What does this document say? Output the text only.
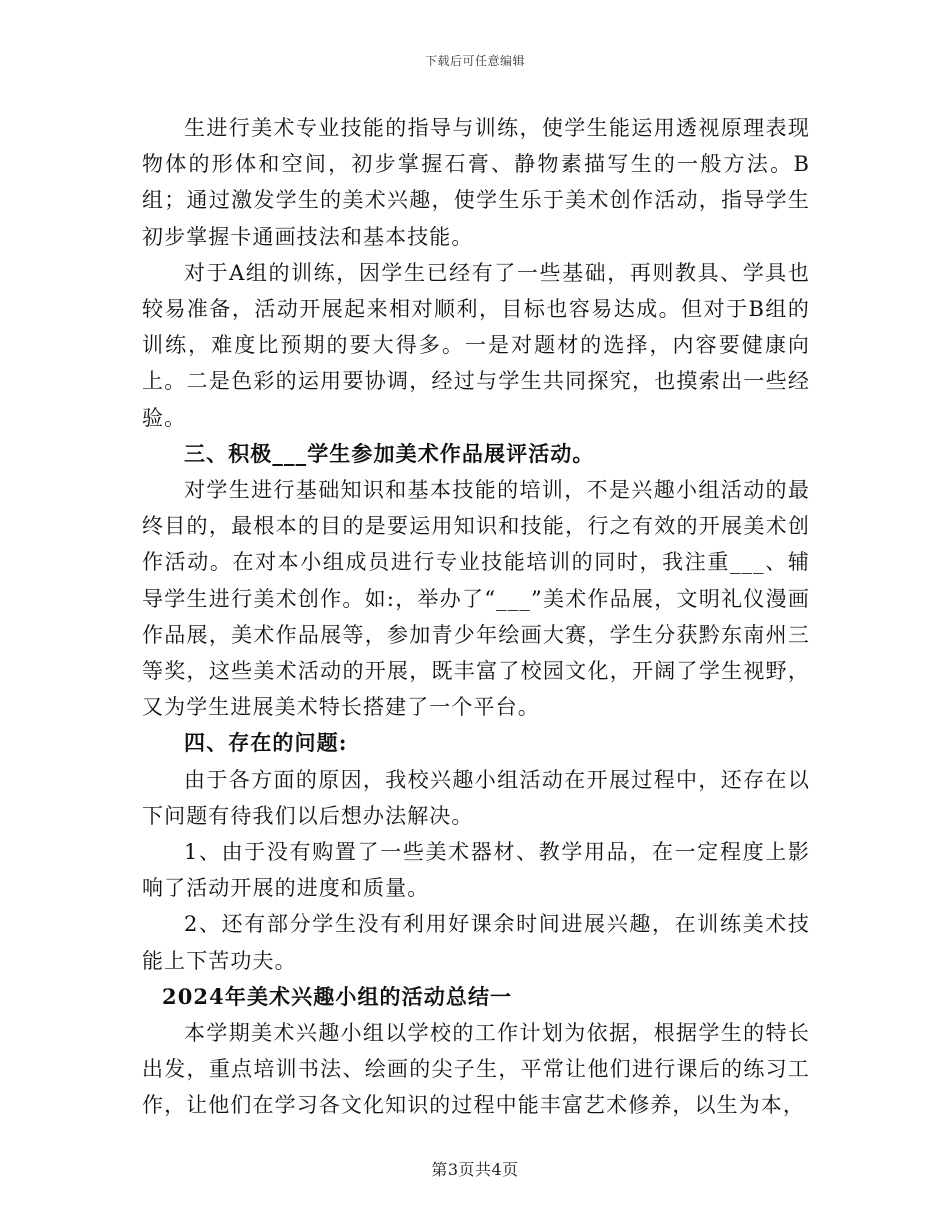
下载后可任意编辑

生进行美术专业技能的指导与训练，使学生能运用透视原理表现物体的形体和空间，初步掌握石膏、静物素描写生的一般方法。B组；通过激发学生的美术兴趣，使学生乐于美术创作活动，指导学生初步掌握卡通画技法和基本技能。

对于A组的训练，因学生已经有了一些基础，再则教具、学具也较易准备，活动开展起来相对顺利，目标也容易达成。但对于B组的训练，难度比预期的要大得多。一是对题材的选择，内容要健康向上。二是色彩的运用要协调，经过与学生共同探究，也摸索出一些经验。

三、积极___学生参加美术作品展评活动。

对学生进行基础知识和基本技能的培训，不是兴趣小组活动的最终目的，最根本的目的是要运用知识和技能，行之有效的开展美术创作活动。在对本小组成员进行专业技能培训的同时，我注重___、辅导学生进行美术创作。如:，举办了“___”美术作品展，文明礼仪漫画作品展，美术作品展等，参加青少年绘画大赛，学生分获黔东南州三等奖，这些美术活动的开展，既丰富了校园文化，开阔了学生视野，又为学生进展美术特长搭建了一个平台。

四、存在的问题:

由于各方面的原因，我校兴趣小组活动在开展过程中，还存在以下问题有待我们以后想办法解决。

1、由于没有购置了一些美术器材、教学用品，在一定程度上影响了活动开展的进度和质量。

2、还有部分学生没有利用好课余时间进展兴趣，在训练美术技能上下苦功夫。

2024年美术兴趣小组的活动总结一

本学期美术兴趣小组以学校的工作计划为依据，根据学生的特长出发，重点培训书法、绘画的尖子生，平常让他们进行课后的练习工作，让他们在学习各文化知识的过程中能丰富艺术修养，以生为本，

第3页共4页
